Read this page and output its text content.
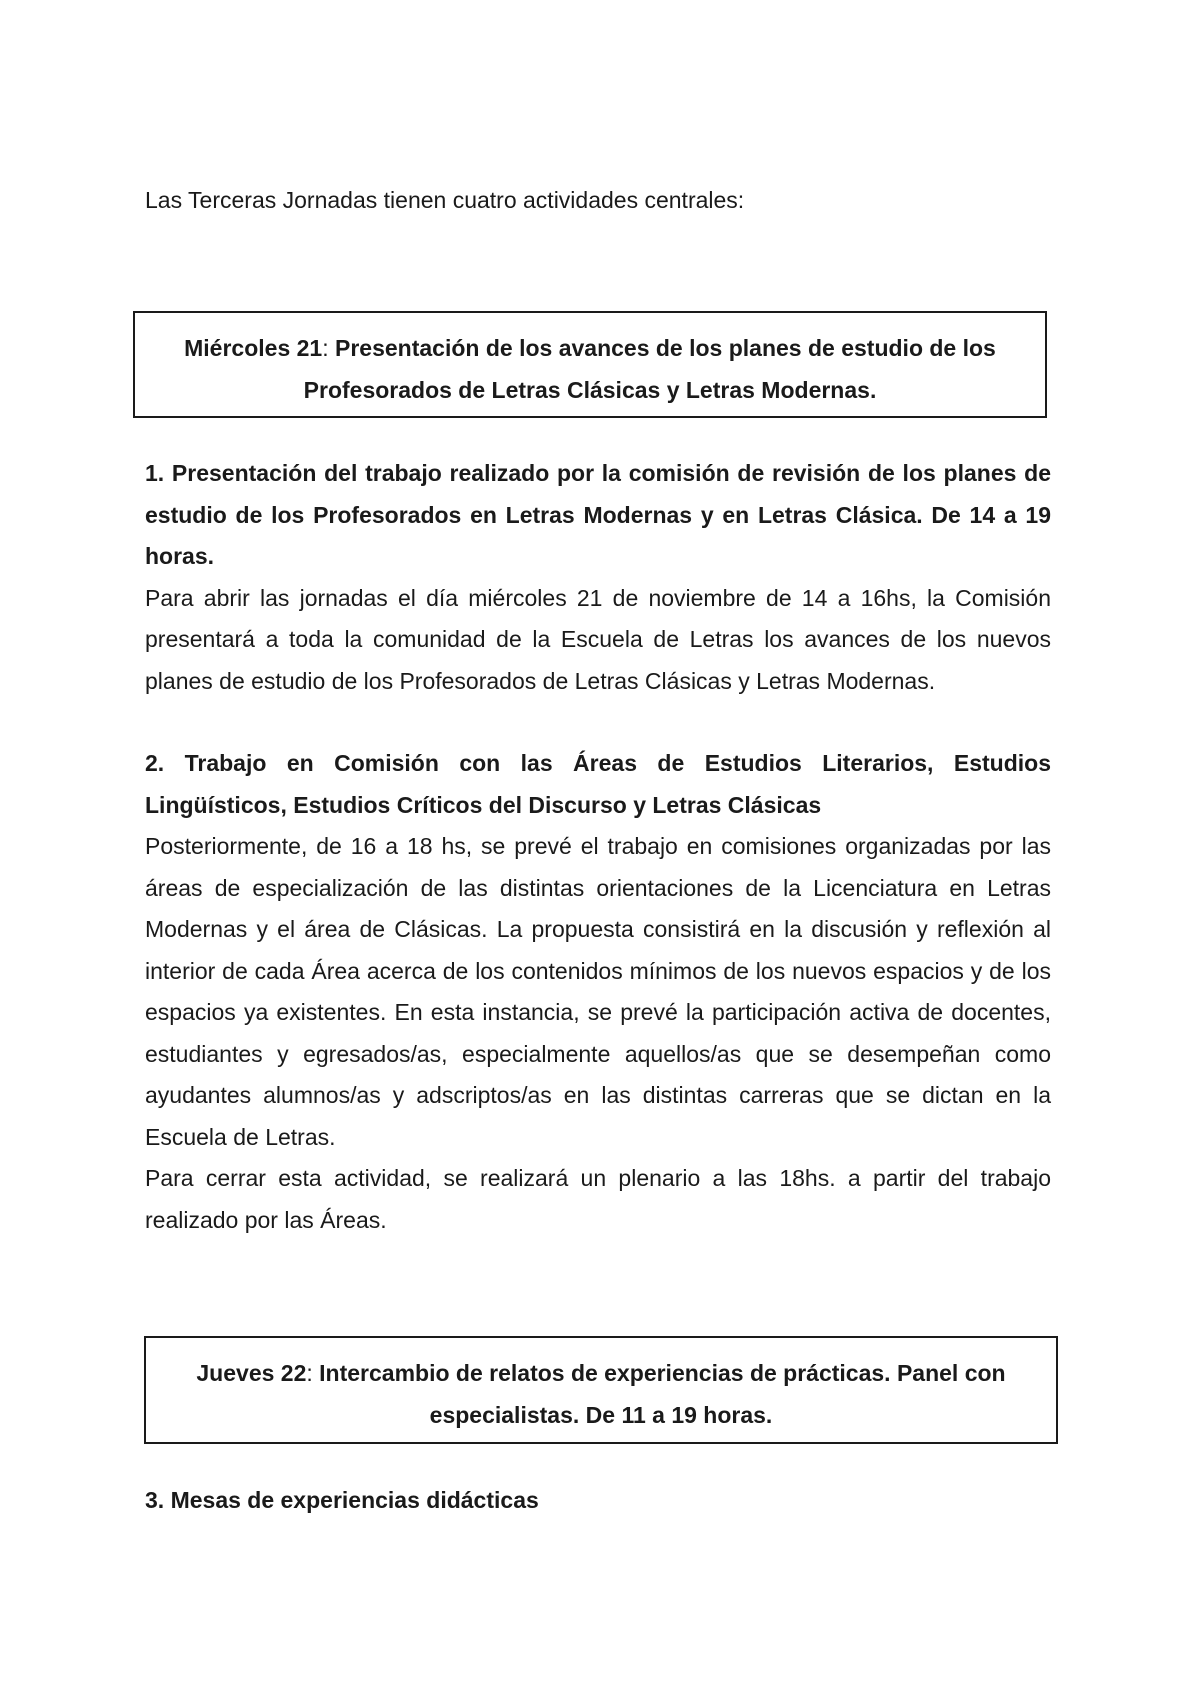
Las Terceras Jornadas tienen cuatro actividades centrales:

Miércoles 21: Presentación de los avances de los planes de estudio de los Profesorados de Letras Clásicas y Letras Modernas.
1. Presentación del trabajo realizado por la comisión de revisión de los planes de estudio de los Profesorados en Letras Modernas y en Letras Clásica. De 14 a 19 horas.

Para abrir las jornadas el día miércoles 21 de noviembre de 14 a 16hs, la Comisión presentará a toda la comunidad de la Escuela de Letras los avances de los nuevos planes de estudio de los Profesorados de Letras Clásicas y Letras Modernas.

2. Trabajo en Comisión con las Áreas de Estudios Literarios, Estudios Lingüísticos, Estudios Críticos del Discurso y Letras Clásicas

Posteriormente, de 16 a 18 hs, se prevé el trabajo en comisiones organizadas por las áreas de especialización de las distintas orientaciones de la Licenciatura en Letras Modernas y el área de Clásicas. La propuesta consistirá en la discusión y reflexión al interior de cada Área acerca de los contenidos mínimos de los nuevos espacios y de los espacios ya existentes. En esta instancia, se prevé la participación activa de docentes, estudiantes y egresados/as, especialmente aquellos/as que se desempeñan como ayudantes alumnos/as y adscriptos/as en las distintas carreras que se dictan en la Escuela de Letras.

Para cerrar esta actividad, se realizará un plenario a las 18hs. a partir del trabajo realizado por las Áreas.

Jueves 22: Intercambio de relatos de experiencias de prácticas. Panel con especialistas. De 11 a 19 horas.
3. Mesas de experiencias didácticas
